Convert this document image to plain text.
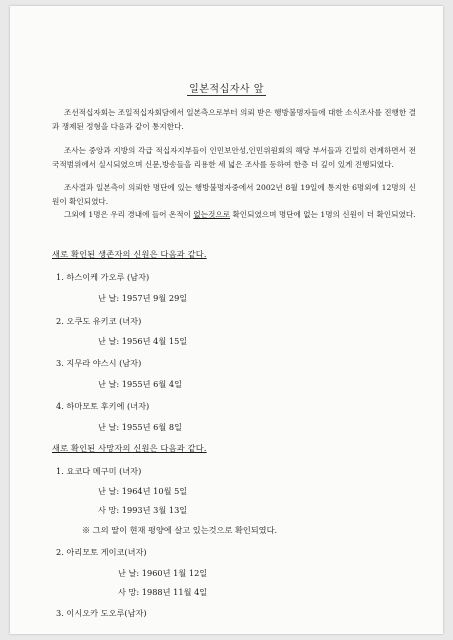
일본적십자사 앞
조선적십자회는 조일적십자회담에서 일본측으로부터 의뢰 받은 행방불명자들에 대한 소식조사를 진행한 결과 쟁제된 정형을 다음과 같이 통지한다.
조사는 중앙과 지방의 각급 적십자지부들이 인민보안성,인민위원회의 해당 부서들과 긴밀히 련계하면서 전국적범위에서 실시되였으며 신문,방송들을 리용한 세 넓은 조사를 동하여 한층 더 깊이 있게 진행되였다.
조사결과 일본측이 의뢰한 명단에 있는 행방불명자중에서 2002년 8월 19일에 통지한 6명외에 12명의 신원이 확인되였다.
그외에 1명은 우리 경내에 들어 온적이 없는것으로 확인되였으며 명단에 없는 1명의 신원이 더 확인되였다.
새로 확인된 생존자의 신원은 다음과 같다.
1. 하스이케 가오루 (남자)
난 날: 1957년 9월 29일
2. 오쿠도 유키코 (녀자)
난 날: 1956년 4월 15일
3. 지무라 야스시 (남자)
난 날: 1955년 6월 4일
4. 하마모토 후키에 (녀자)
난 날: 1955년 6월 8일
새로 확인된 사망자의 신원은 다음과 같다.
1. 요코다 메구미 (녀자)
난 날: 1964년 10월 5일
사 망: 1993년 3월 13일
※ 그의 딸이 현재 평양에 살고 있는것으로 확인되였다.
2. 아리모토 게이코(녀자)
난 날: 1960년 1월 12일
사 망: 1988년 11월 4일
3. 이시오카 도오루(남자)
